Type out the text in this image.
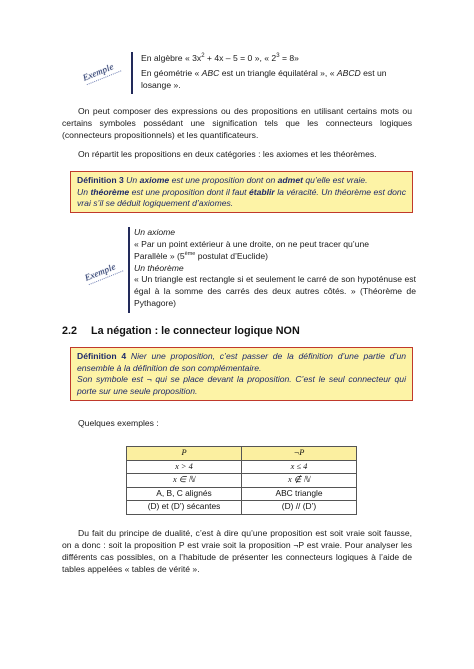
Exemple
En algèbre « $3x^2 + 4x - 5 = 0$ », « $2^3 = 8$»
En géométrie « ABC est un triangle équilatéral », « ABCD est un
losange ».
On peut composer des expressions ou des propositions en utilisant certains mots ou certains symboles possédant une signification tels que les connecteurs logiques (connecteurs propositionnels) et les quantificateurs.
On répartit les propositions en deux catégories : les axiomes et les théorèmes.
Définition 3 Un axiome est une proposition dont on admet qu’elle est vraie.
Un théorème est une proposition dont il faut établir la véracité. Un théorème est donc vrai s’il se déduit logiquement d’axiomes.
Exemple
Un axiome
« Par un point extérieur à une droite, on ne peut tracer qu’une
Parallèle » (5ème postulat d’Euclide)
Un théorème
« Un triangle est rectangle si et seulement le carré de son hypoténuse est égal à la somme des carrés des deux autres côtés. » (Théorème de Pythagore)
2.2 La négation : le connecteur logique NON
Définition 4 Nier une proposition, c’est passer de la définition d’une partie d’un ensemble à la définition de son complémentaire.
Son symbole est ¬ qui se place devant la proposition. C’est le seul connecteur qui porte sur une seule proposition.
Quelques exemples :
P	¬P
x > 4	x ≤ 4
x ∈ ℕ	x ∉ ℕ
A, B, C alignés	ABC triangle
(D) et (D’) sécantes	(D) // (D’)
Du fait du principe de dualité, c’est à dire qu’une proposition est soit vraie soit fausse, on a donc : soit la proposition P est vraie soit la proposition ¬P est vraie. Pour analyser les différents cas possibles, on a l’habitude de présenter les connecteurs logiques à l’aide de tables appelées « tables de vérité ».
